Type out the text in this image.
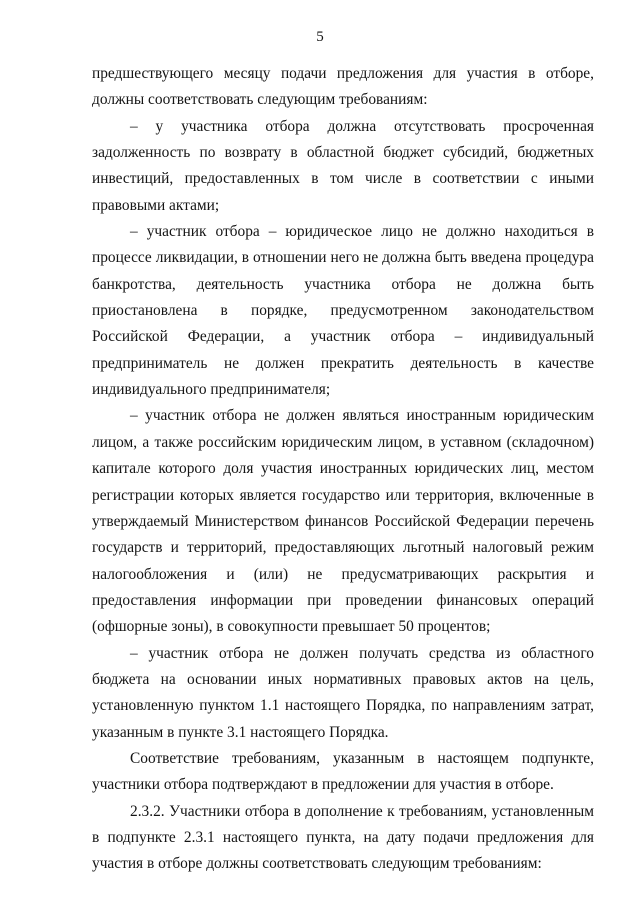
5

предшествующего месяцу подачи предложения для участия в отборе, должны соответствовать следующим требованиям:

– у участника отбора должна отсутствовать просроченная задолженность по возврату в областной бюджет субсидий, бюджетных инвестиций, предоставленных в том числе в соответствии с иными правовыми актами;

– участник отбора – юридическое лицо не должно находиться в процессе ликвидации, в отношении него не должна быть введена процедура банкротства, деятельность участника отбора не должна быть приостановлена в порядке, предусмотренном законодательством Российской Федерации, а участник отбора – индивидуальный предприниматель не должен прекратить деятельность в качестве индивидуального предпринимателя;

– участник отбора не должен являться иностранным юридическим лицом, а также российским юридическим лицом, в уставном (складочном) капитале которого доля участия иностранных юридических лиц, местом регистрации которых является государство или территория, включенные в утверждаемый Министерством финансов Российской Федерации перечень государств и территорий, предоставляющих льготный налоговый режим налогообложения и (или) не предусматривающих раскрытия и предоставления информации при проведении финансовых операций (офшорные зоны), в совокупности превышает 50 процентов;

– участник отбора не должен получать средства из областного бюджета на основании иных нормативных правовых актов на цель, установленную пунктом 1.1 настоящего Порядка, по направлениям затрат, указанным в пункте 3.1 настоящего Порядка.

Соответствие требованиям, указанным в настоящем подпункте, участники отбора подтверждают в предложении для участия в отборе.

2.3.2. Участники отбора в дополнение к требованиям, установленным в подпункте 2.3.1 настоящего пункта, на дату подачи предложения для участия в отборе должны соответствовать следующим требованиям:
